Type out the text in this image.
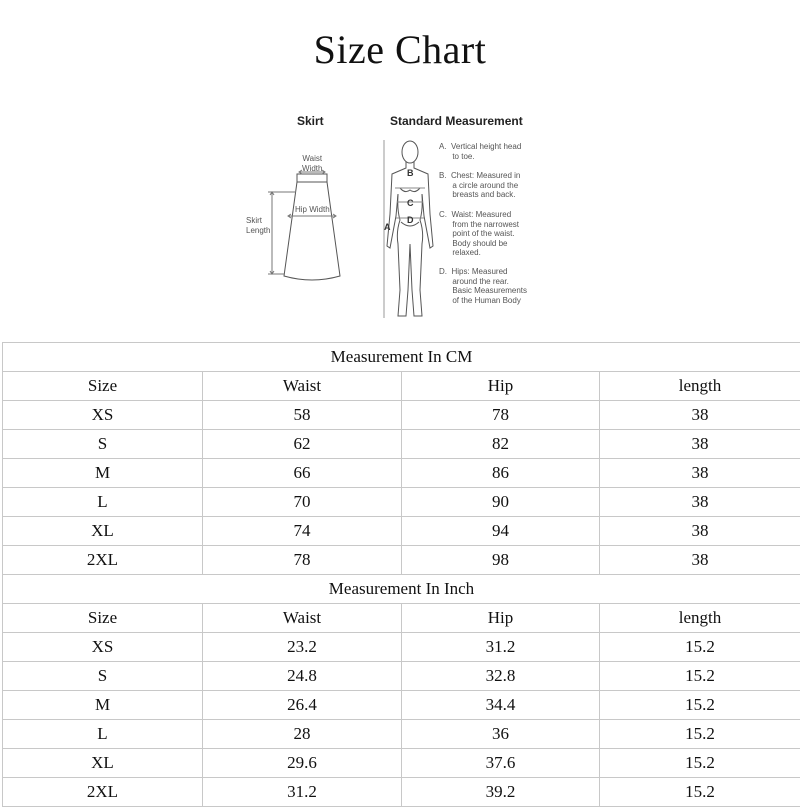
Size Chart
Skirt	Standard Measurement
Waist
Width
Hip Width
Skirt
Length	A
B
C
D
A.  Vertical height head
to toe.
B.  Chest: Measured in
a circle around the
breasts and back.
C.  Waist: Measured
from the narrowest
point of the waist.
Body should be
relaxed.
D.  Hips: Measured
around the rear.
Basic Measurements
of the Human Body
Measurement In CM
Size	Waist	Hip	length
XS	58	78	38
S	62	82	38
M	66	86	38
L	70	90	38
XL	74	94	38
2XL	78	98	38
Measurement In Inch
Size	Waist	Hip	length
XS	23.2	31.2	15.2
S	24.8	32.8	15.2
M	26.4	34.4	15.2
L	28	36	15.2
XL	29.6	37.6	15.2
2XL	31.2	39.2	15.2
